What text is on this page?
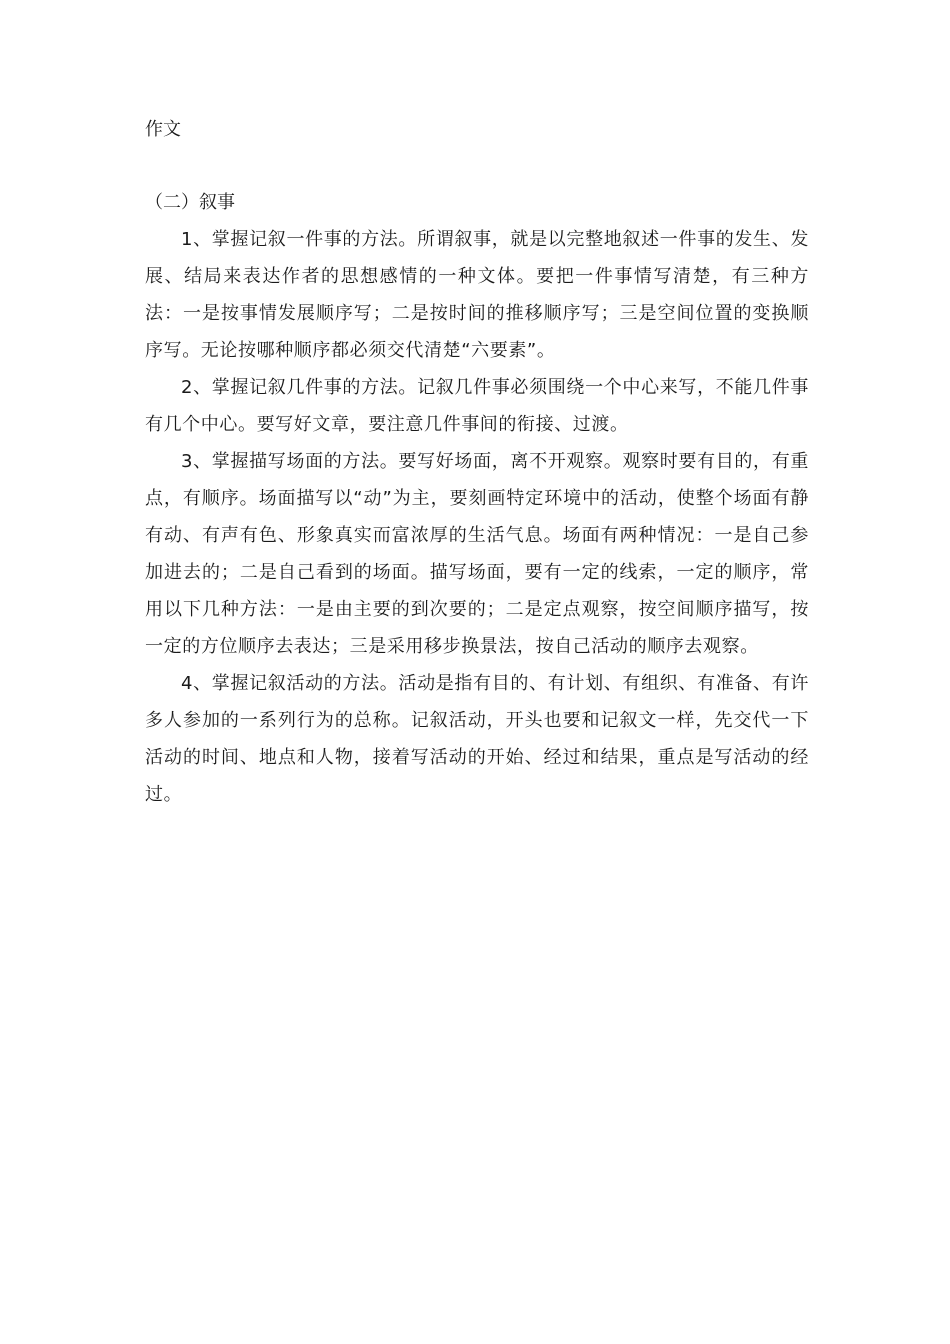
作文
（二）叙事

1、掌握记叙一件事的方法。所谓叙事，就是以完整地叙述一件事的发生、发展、结局来表达作者的思想感情的一种文体。要把一件事情写清楚，有三种方法：一是按事情发展顺序写；二是按时间的推移顺序写；三是空间位置的变换顺序写。无论按哪种顺序都必须交代清楚“六要素”。

2、掌握记叙几件事的方法。记叙几件事必须围绕一个中心来写，不能几件事有几个中心。要写好文章，要注意几件事间的衔接、过渡。

3、掌握描写场面的方法。要写好场面，离不开观察。观察时要有目的，有重点，有顺序。场面描写以“动”为主，要刻画特定环境中的活动，使整个场面有静有动、有声有色、形象真实而富浓厚的生活气息。场面有两种情况：一是自己参加进去的；二是自己看到的场面。描写场面，要有一定的线索，一定的顺序，常用以下几种方法：一是由主要的到次要的；二是定点观察，按空间顺序描写，按一定的方位顺序去表达；三是采用移步换景法，按自己活动的顺序去观察。

4、掌握记叙活动的方法。活动是指有目的、有计划、有组织、有准备、有许多人参加的一系列行为的总称。记叙活动，开头也要和记叙文一样，先交代一下活动的时间、地点和人物，接着写活动的开始、经过和结果，重点是写活动的经过。
